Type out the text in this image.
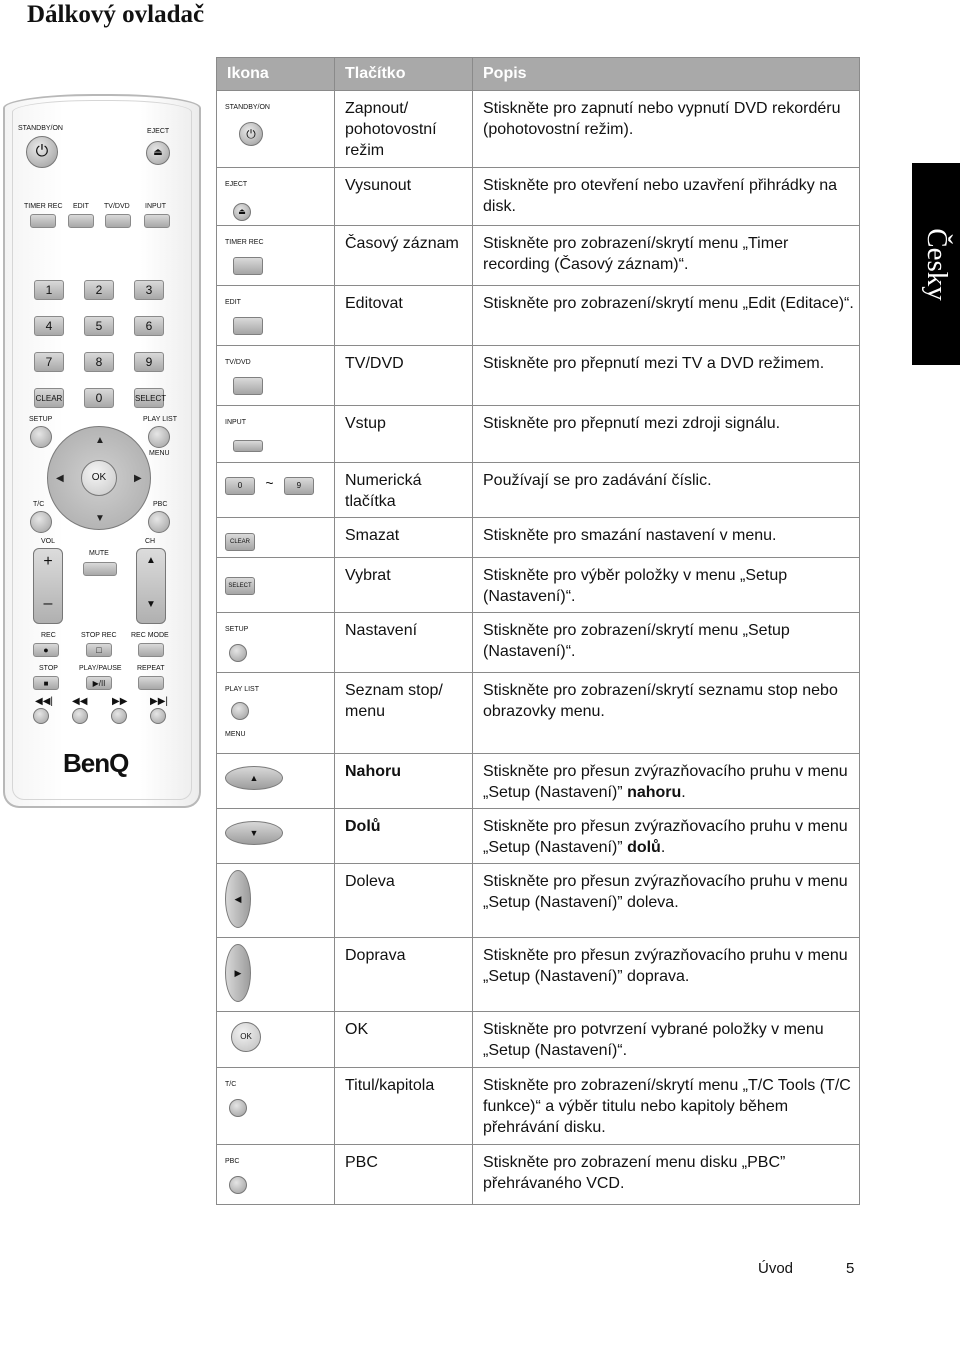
Dálkový ovladač
Česky
STANDBY/ON	EJECT
⏻	⏏
TIMER REC EDIT TV/DVD INPUT
1	2	3
4	5	6
7	8	9
CLEAR	0	SELECT
SETUP	PLAY LIST
MENU
▲
▼
◀	▶
OK
T/C	PBC
VOL
MUTE
CH
+
–
▲
▼
REC	STOP REC REC MODE
●	□
STOP	PLAY/PAUSE REPEAT
■	▶/II
◀◀| ◀◀ ▶▶ ▶▶|
BenQ
Ikona	Tlačítko	Popis

STANDBY/ON
⏻	Zapnout/ pohotovostní režim	Stiskněte pro zapnutí nebo vypnutí DVD rekordéru (pohotovostní režim).

EJECT
⏏	Vysunout	Stiskněte pro otevření nebo uzavření přihrádky na disk.

TIMER REC	Časový záznam	Stiskněte pro zobrazení/skrytí menu „Timer recording (Časový záznam)“.

EDIT	Editovat	Stiskněte pro zobrazení/skrytí menu „Edit (Editace)“.

TV/DVD	TV/DVD	Stiskněte pro přepnutí mezi TV a DVD režimem.

INPUT	Vstup	Stiskněte pro přepnutí mezi zdroji signálu.
0 ~ 9	Numerická tlačítka	Používají se pro zadávání číslic.
CLEAR	Smazat	Stiskněte pro smazání nastavení v menu.
SELECT	Vybrat	Stiskněte pro výběr položky v menu „Setup (Nastavení)“.

SETUP	Nastavení	Stiskněte pro zobrazení/skrytí menu „Setup (Nastavení)“.

PLAY LIST
MENU	Seznam stop/ menu	Stiskněte pro zobrazení/skrytí seznamu stop nebo obrazovky menu.
▲	Nahoru	Stiskněte pro přesun zvýrazňovacího pruhu v menu „Setup (Nastavení)” nahoru.
▼	Dolů	Stiskněte pro přesun zvýrazňovacího pruhu v menu „Setup (Nastavení)” dolů.
◀	Doleva	Stiskněte pro přesun zvýrazňovacího pruhu v menu „Setup (Nastavení)” doleva.
▶	Doprava	Stiskněte pro přesun zvýrazňovacího pruhu v menu „Setup (Nastavení)” doprava.
OK	OK	Stiskněte pro potvrzení vybrané položky v menu „Setup (Nastavení)“.

T/C	Titul/kapitola	Stiskněte pro zobrazení/skrytí menu „T/C Tools (T/C funkce)“ a výběr titulu nebo kapitoly během přehrávání disku.

PBC	PBC	Stiskněte pro zobrazení menu disku „PBC” přehrávaného VCD.
Úvod	5
